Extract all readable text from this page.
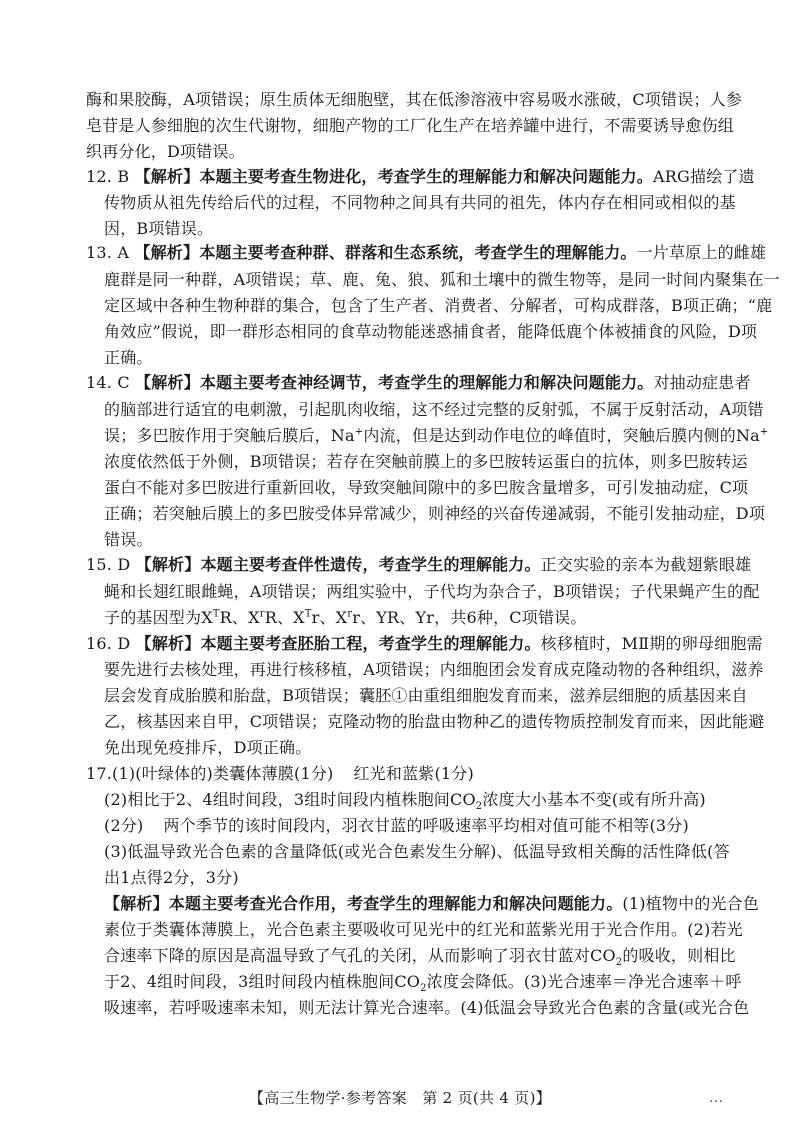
酶和果胶酶，A项错误；原生质体无细胞壁，其在低渗溶液中容易吸水涨破，C项错误；人参
皂苷是人参细胞的次生代谢物，细胞产物的工厂化生产在培养罐中进行，不需要诱导愈伤组
织再分化，D项错误。
12. B 【解析】本题主要考查生物进化，考查学生的理解能力和解决问题能力。ARG描绘了遗
传物质从祖先传给后代的过程，不同物种之间具有共同的祖先，体内存在相同或相似的基
因，B项错误。
13. A 【解析】本题主要考查种群、群落和生态系统，考查学生的理解能力。一片草原上的雌雄
鹿群是同一种群，A项错误；草、鹿、兔、狼、狐和土壤中的微生物等，是同一时间内聚集在一
定区域中各种生物种群的集合，包含了生产者、消费者、分解者，可构成群落，B项正确；“鹿
角效应”假说，即一群形态相同的食草动物能迷惑捕食者，能降低鹿个体被捕食的风险，D项
正确。
14. C 【解析】本题主要考查神经调节，考查学生的理解能力和解决问题能力。对抽动症患者
的脑部进行适宜的电刺激，引起肌肉收缩，这不经过完整的反射弧，不属于反射活动，A项错
误；多巴胺作用于突触后膜后，Na+内流，但是达到动作电位的峰值时，突触后膜内侧的Na+
浓度依然低于外侧，B项错误；若存在突触前膜上的多巴胺转运蛋白的抗体，则多巴胺转运
蛋白不能对多巴胺进行重新回收，导致突触间隙中的多巴胺含量增多，可引发抽动症，C项
正确；若突触后膜上的多巴胺受体异常减少，则神经的兴奋传递减弱，不能引发抽动症，D项
错误。
15. D 【解析】本题主要考查伴性遗传，考查学生的理解能力。正交实验的亲本为截翅紫眼雄
蝇和长翅红眼雌蝇，A项错误；两组实验中，子代均为杂合子，B项错误；子代果蝇产生的配
子的基因型为$X^TR$、$X^rR$、$X^Tr$、$X^rr$、YR、Yr，共6种，C项错误。
16. D 【解析】本题主要考查胚胎工程，考查学生的理解能力。核移植时，MⅡ期的卵母细胞需
要先进行去核处理，再进行核移植，A项错误；内细胞团会发育成克隆动物的各种组织，滋养
层会发育成胎膜和胎盘，B项错误；囊胚①由重组细胞发育而来，滋养层细胞的质基因来自
乙，核基因来自甲，C项错误；克隆动物的胎盘由物种乙的遗传物质控制发育而来，因此能避
免出现免疫排斥，D项正确。
17.(1)(叶绿体的)类囊体薄膜(1分) 红光和蓝紫(1分)
(2)相比于2、4组时间段，3组时间段内植株胞间$CO_2$浓度大小基本不变(或有所升高)
(2分) 两个季节的该时间段内，羽衣甘蓝的呼吸速率平均相对值可能不相等(3分)
(3)低温导致光合色素的含量降低(或光合色素发生分解)、低温导致相关酶的活性降低(答
出1点得2分，3分)
【解析】本题主要考查光合作用，考查学生的理解能力和解决问题能力。(1)植物中的光合色
素位于类囊体薄膜上，光合色素主要吸收可见光中的红光和蓝紫光用于光合作用。(2)若光
合速率下降的原因是高温导致了气孔的关闭，从而影响了羽衣甘蓝对$CO_2$的吸收，则相比
于2、4组时间段，3组时间段内植株胞间$CO_2$浓度会降低。(3)光合速率＝净光合速率＋呼
吸速率，若呼吸速率未知，则无法计算光合速率。(4)低温会导致光合色素的含量(或光合色
【高三生物学·参考答案　第 2 页(共 4 页)】	…
